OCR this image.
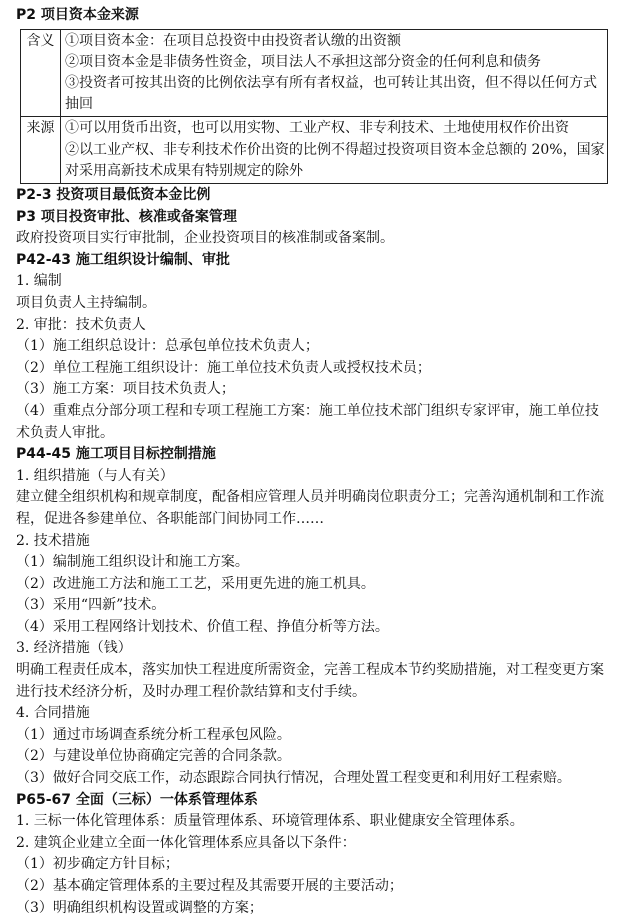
P2 项目资本金来源
含义	①项目资本金：在项目总投资中由投资者认缴的出资额
②项目资本金是非债务性资金，项目法人不承担这部分资金的任何利息和债务
③投资者可按其出资的比例依法享有所有者权益，也可转让其出资，但不得以任何方式抽回

来源	①可以用货币出资，也可以用实物、工业产权、非专利技术、土地使用权作价出资
②以工业产权、非专利技术作价出资的比例不得超过投资项目资本金总额的 20%，国家对采用高新技术成果有特别规定的除外
P2-3 投资项目最低资本金比例
P3 项目投资审批、核准或备案管理
政府投资项目实行审批制，企业投资项目的核准制或备案制。
P42-43 施工组织设计编制、审批
1. 编制
项目负责人主持编制。
2. 审批：技术负责人
（1）施工组织总设计：总承包单位技术负责人；
（2）单位工程施工组织设计：施工单位技术负责人或授权技术员；
（3）施工方案：项目技术负责人；
（4）重难点分部分项工程和专项工程施工方案：施工单位技术部门组织专家评审，施工单位技术负责人审批。
P44-45 施工项目目标控制措施
1. 组织措施（与人有关）
建立健全组织机构和规章制度，配备相应管理人员并明确岗位职责分工；完善沟通机制和工作流程，促进各参建单位、各职能部门间协同工作……
2. 技术措施
（1）编制施工组织设计和施工方案。
（2）改进施工方法和施工工艺，采用更先进的施工机具。
（3）采用“四新”技术。
（4）采用工程网络计划技术、价值工程、挣值分析等方法。
3. 经济措施（钱）
明确工程责任成本，落实加快工程进度所需资金，完善工程成本节约奖励措施，对工程变更方案进行技术经济分析，及时办理工程价款结算和支付手续。
4. 合同措施
（1）通过市场调查系统分析工程承包风险。
（2）与建设单位协商确定完善的合同条款。
（3）做好合同交底工作，动态跟踪合同执行情况，合理处置工程变更和利用好工程索赔。
P65-67 全面（三标）一体系管理体系
1. 三标一体化管理体系：质量管理体系、环境管理体系、职业健康安全管理体系。
2. 建筑企业建立全面一体化管理体系应具备以下条件：
（1）初步确定方针目标；
（2）基本确定管理体系的主要过程及其需要开展的主要活动；
（3）明确组织机构设置或调整的方案；
